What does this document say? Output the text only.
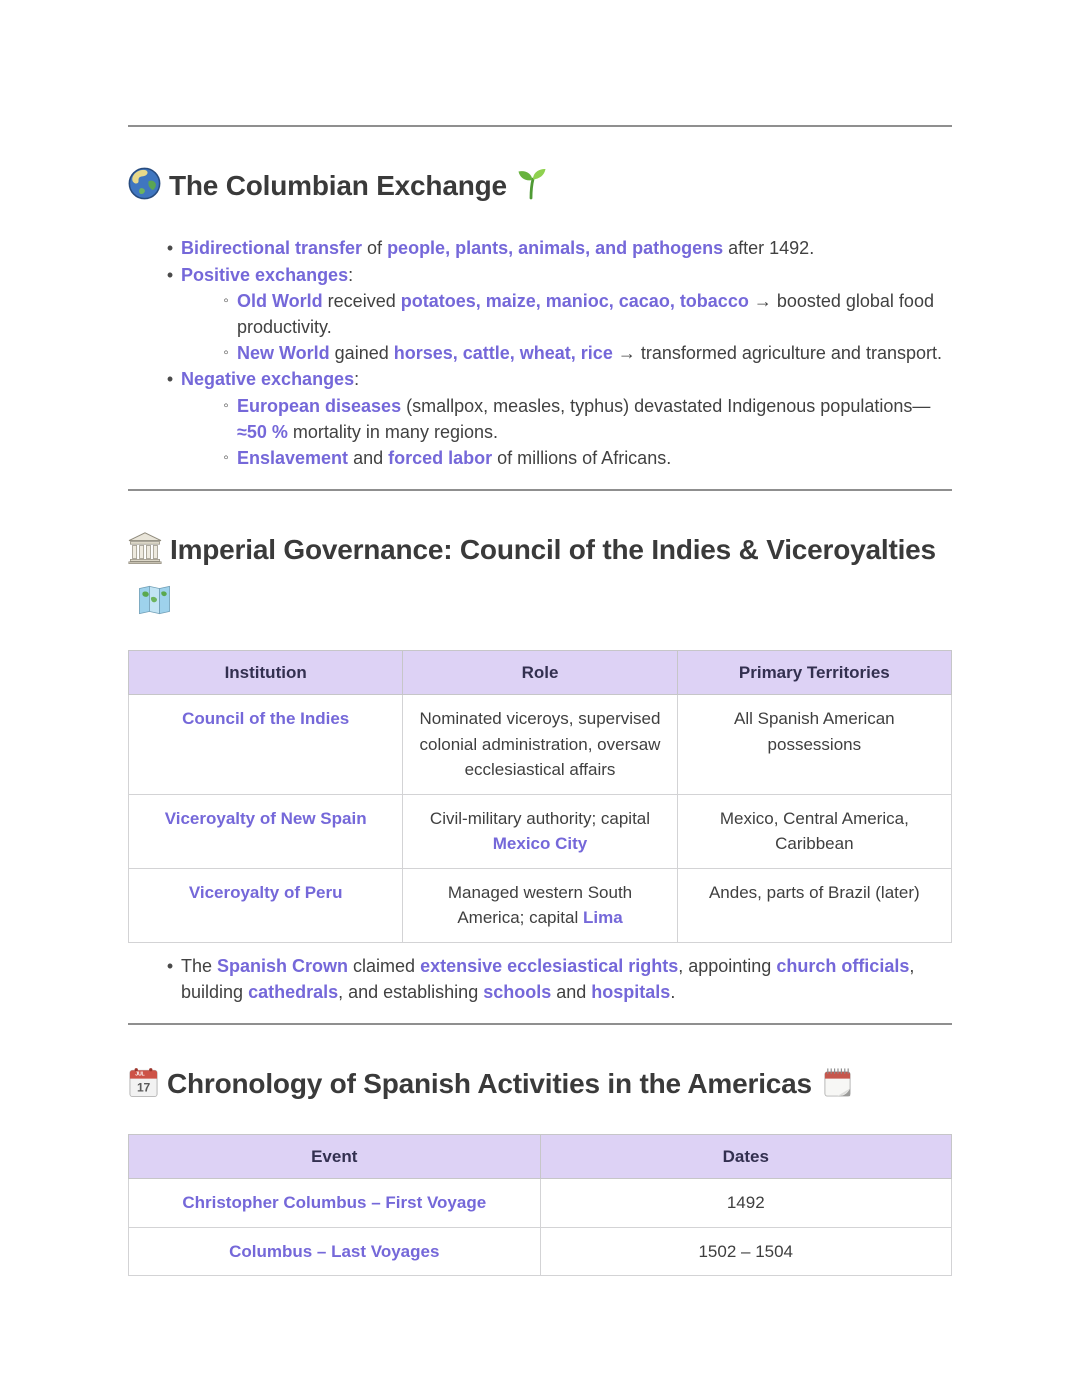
The Columbian Exchange
• Bidirectional transfer of people, plants, animals, and pathogens after 1492.
• Positive exchanges:
◦ Old World received potatoes, maize, manioc, cacao, tobacco → boosted global food productivity.
◦ New World gained horses, cattle, wheat, rice → transformed agriculture and transport.
• Negative exchanges:
◦ European diseases (smallpox, measles, typhus) devastated Indigenous populations—≈50 % mortality in many regions.
◦ Enslavement and forced labor of millions of Africans.
Imperial Governance: Council of the Indies & Viceroyalties
Institution	Role	Primary Territories
Council of the Indies	Nominated viceroys, supervised colonial administration, oversaw ecclesiastical affairs	All Spanish American possessions
Viceroyalty of New Spain	Civil-military authority; capital Mexico City	Mexico, Central America, Caribbean
Viceroyalty of Peru	Managed western South America; capital Lima	Andes, parts of Brazil (later)
• The Spanish Crown claimed extensive ecclesiastical rights, appointing church officials, building cathedrals, and establishing schools and hospitals.
JUL
17 Chronology of Spanish Activities in the Americas
Event	Dates
Christopher Columbus – First Voyage	1492
Columbus – Last Voyages	1502 – 1504
